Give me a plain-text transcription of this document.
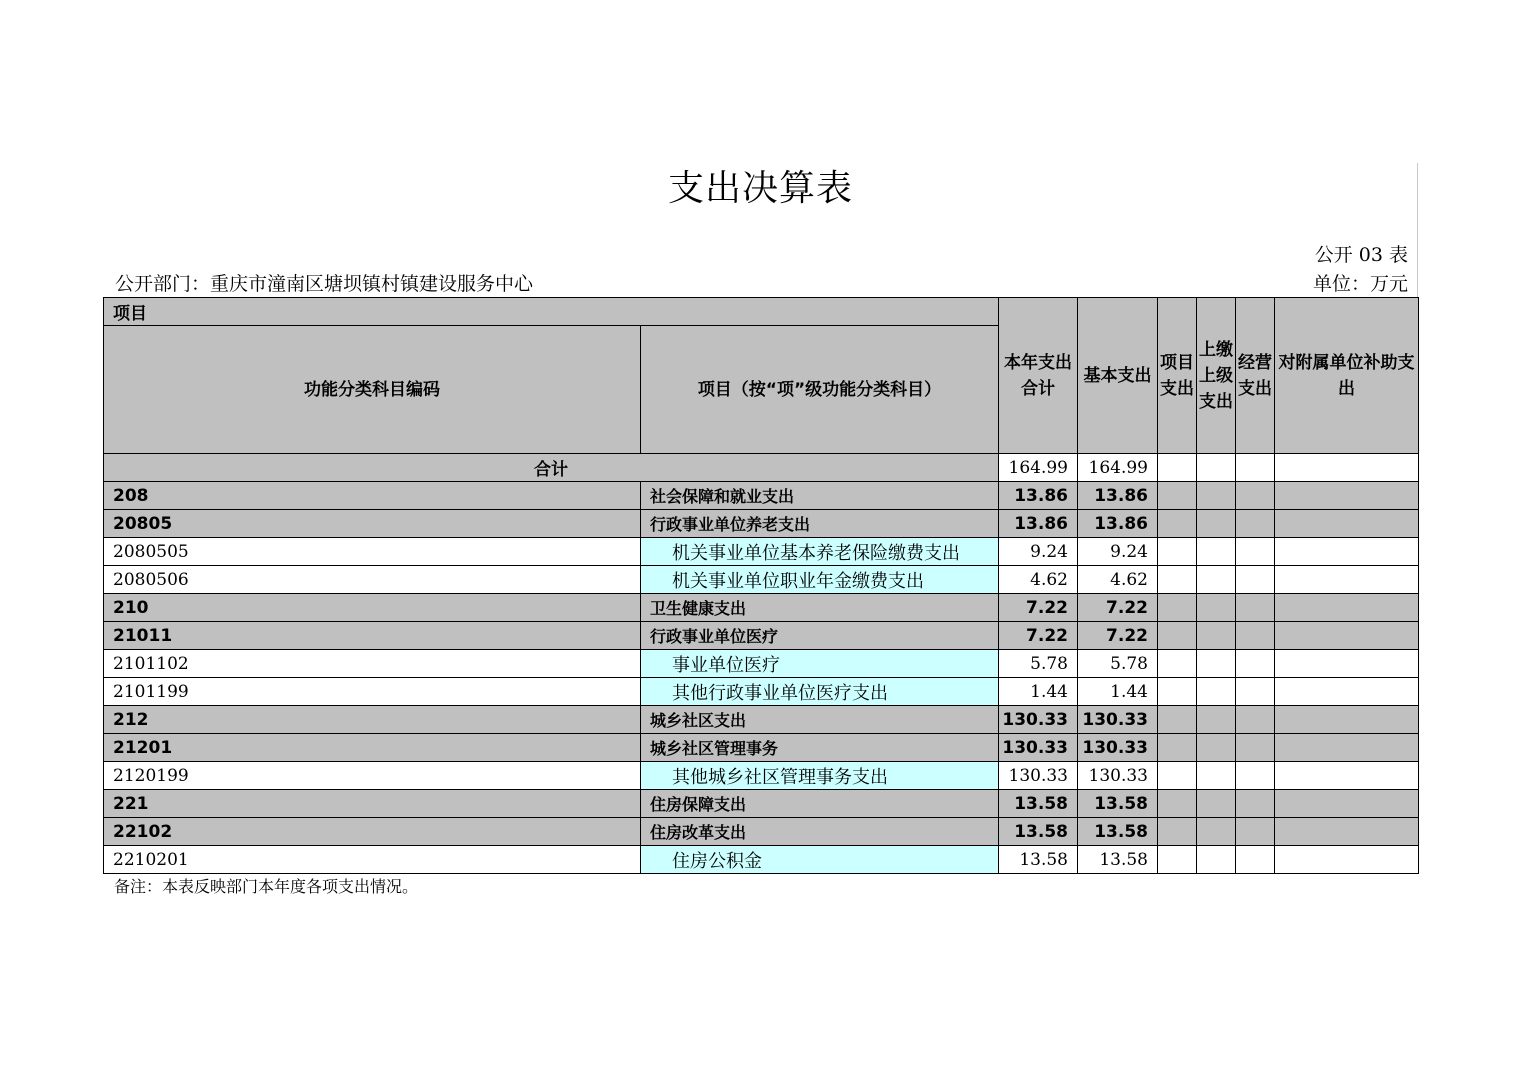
支出决算表
公开 03 表
公开部门：重庆市潼南区塘坝镇村镇建设服务中心	单位：万元
项目		本年支出合计	基本支出	项目支出	上缴上级支出	经营支出	对附属单位补助支出
功能分类科目编码	项目（按“项”级功能分类科目）						
合计		164.99	164.99				
208	社会保障和就业支出	13.86	13.86				
20805	行政事业单位养老支出	13.86	13.86				
2080505	机关事业单位基本养老保险缴费支出	9.24	9.24				
2080506	机关事业单位职业年金缴费支出	4.62	4.62				
210	卫生健康支出	7.22	7.22				
21011	行政事业单位医疗	7.22	7.22				
2101102	事业单位医疗	5.78	5.78				
2101199	其他行政事业单位医疗支出	1.44	1.44				
212	城乡社区支出	130.33	130.33				
21201	城乡社区管理事务	130.33	130.33				
2120199	其他城乡社区管理事务支出	130.33	130.33				
221	住房保障支出	13.58	13.58				
22102	住房改革支出	13.58	13.58				
2210201	住房公积金	13.58	13.58				
备注：本表反映部门本年度各项支出情况。
